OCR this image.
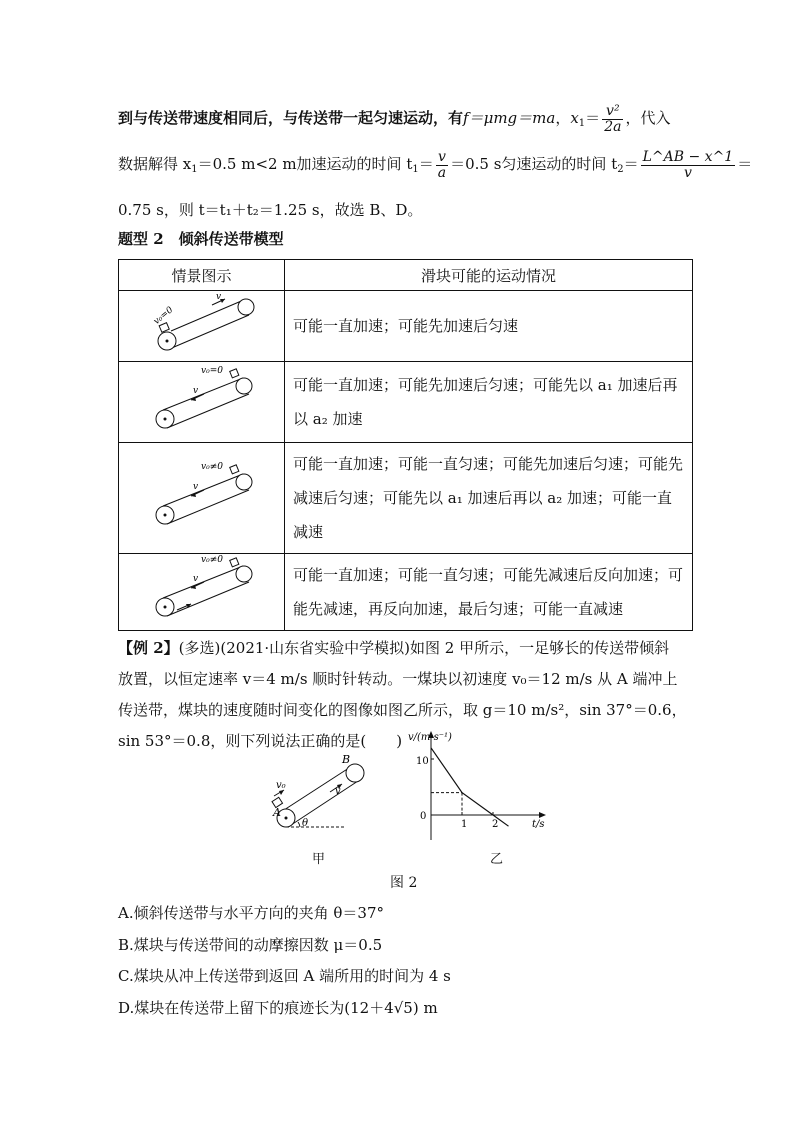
到与传送带速度相同后，与传送带一起匀速运动，有f＝μmg＝ma，$x_1= \frac{\text{v²}}{2a}$ ，代入
数据解得 $x_1=0.5$ m<2 m加速运动的时间 $t_1= \frac{v}{a} =0.5$ s匀速运动的时间 $t_2= \frac{L\^{}AB - x\^{}1}{v}$ ＝
0.75 s，则 t＝t₁＋t₂＝1.25 s，故选 B、D。
题型 2　倾斜传送带模型
情景图示	滑块可能的运动情况

v₀=0
v	可能一直加速；可能先加速后匀速

v₀=0
v	可能一直加速；可能先加速后匀速；可能先以 a₁ 加速后再以 a₂ 加速

v₀≠0
v	可能一直加速；可能一直匀速；可能先加速后匀速；可能先减速后匀速；可能先以 a₁ 加速后再以 a₂ 加速；可能一直减速

v₀≠0
v	可能一直加速；可能一直匀速；可能先减速后反向加速；可能先减速，再反向加速，最后匀速；可能一直减速
【例 2】(多选)(2021·山东省实验中学模拟)如图 2 甲所示，一足够长的传送带倾斜
放置，以恒定速率 v＝4 m/s 顺时针转动。一煤块以初速度 v₀＝12 m/s 从 A 端冲上
传送带，煤块的速度随时间变化的图像如图乙所示，取 g＝10 m/s²，sin 37°＝0.6，
sin 53°＝0.8，则下列说法正确的是(　　)
A
B
v₀
v
θ
甲
v/(m·s⁻¹)
t/s
10
0
1 2
乙
图 2
A.倾斜传送带与水平方向的夹角 θ＝37°
B.煤块与传送带间的动摩擦因数 μ＝0.5
C.煤块从冲上传送带到返回 A 端所用的时间为 4 s
D.煤块在传送带上留下的痕迹长为(12＋4√5) m
